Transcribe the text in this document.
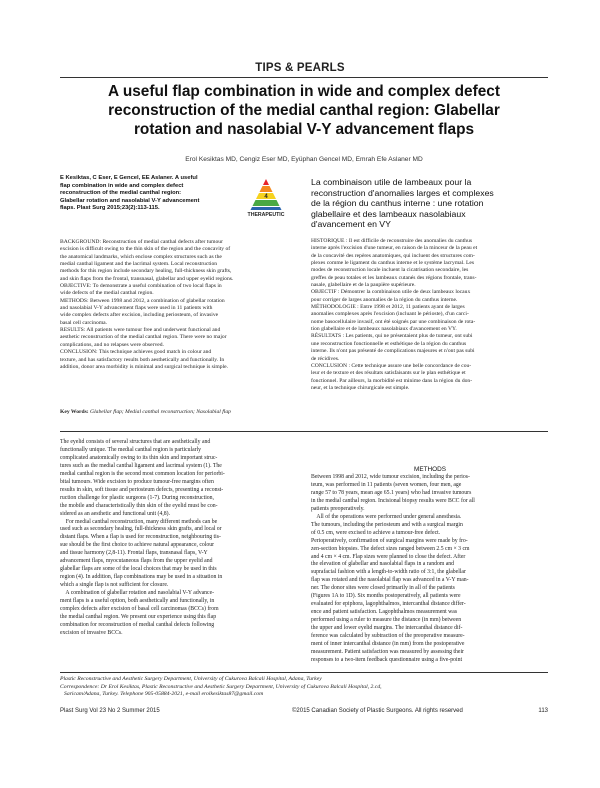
TIPS & PEARLS
A useful flap combination in wide and complex defect
reconstruction of the medial canthal region: Glabellar
rotation and nasolabial V-Y advancement flaps
Erol Kesiktas MD, Cengiz Eser MD, Eyüphan Gencel MD, Emrah Efe Aslaner MD
E Kesiktas, C Eser, E Gencel, EE Aslaner. A useful
flap combination in wide and complex defect
reconstruction of the medial canthal region:
Glabellar rotation and nasolabial V-Y advancement
flaps. Plast Surg 2015;23(2):113-115.
4
THERAPEUTIC
La combinaison utile de lambeaux pour la
reconstruction d'anomalies larges et complexes
de la région du canthus interne : une rotation
glabellaire et des lambeaux nasolabiaux
d'avancement en VY
BACKGROUND: Reconstruction of medial canthal defects after tumour
excision is difficult owing to the thin skin of the region and the concavity of
the anatomical landmarks, which enclose complex structures such as the
medial canthal ligament and the lacrimal system. Local reconstruction
methods for this region include secondary healing, full-thickness skin grafts,
and skin flaps from the frontal, transnasal, glabellar and upper eyelid regions.
OBJECTIVE: To demonstrate a useful combination of two local flaps in
wide defects of the medial canthal region.
METHODS: Between 1998 and 2012, a combination of glabellar rotation
and nasolabial V-Y advancement flaps were used in 11 patients with
wide complex defects after excision, including periosteum, of invasive
basal cell carcinoma.
RESULTS: All patients were tumour free and underwent functional and
aesthetic reconstruction of the medial canthal region. There were no major
complications, and no relapses were observed.
CONCLUSION: This technique achieves good match in colour and
texture, and has satisfactory results both aesthetically and functionally. In
addition, donor area morbidity is minimal and surgical technique is simple.
Key Words: Glabellar flap; Medial canthal reconstruction; Nasolabial flap
HISTORIQUE : Il est difficile de reconstruire des anomalies du canthus
interne après l'excision d'une tumeur, en raison de la minceur de la peau et
de la concavité des repères anatomiques, qui incluent des structures com-
plexes comme le ligament du canthus interne et le système lacrymal. Les
modes de reconstruction locale incluent la cicatrisation secondaire, les
greffes de peau totales et les lambeaux cutanés des régions frontale, trans-
nasale, glabellaire et de la paupière supérieure.
OBJECTIF : Démontrer la combinaison utile de deux lambeaux locaux
pour corriger de larges anomalies de la région du canthus interne.
MÉTHODOLOGIE : Entre 1998 et 2012, 11 patients ayant de larges
anomalies complexes après l'excision (incluant le périoste), d'un carci-
nome basocellulaire invasif, ont été soignés par une combinaison de rota-
tion glabellaire et de lambeaux nasolabiaux d'avancement en VY.
RÉSULTATS : Les patients, qui ne présentaient plus de tumeur, ont subi
une reconstruction fonctionnelle et esthétique de la région du canthus
interne. Ils n'ont pas présenté de complications majeures et n'ont pas subi
de récidives.
CONCLUSION : Cette technique assure une belle concordance de cou-
leur et de texture et des résultats satisfaisants sur le plan esthétique et
fonctionnel. Par ailleurs, la morbidité est minime dans la région du don-
neur, et la technique chirurgicale est simple.
The eyelid consists of several structures that are aesthetically and
functionally unique. The medial canthal region is particularly
complicated anatomically owing to its thin skin and important struc-
tures such as the medial canthal ligament and lacrimal system (1). The
medial canthal region is the second most common location for periorbi-
bital tumours. Wide excision to produce tumour-free margins often
results in skin, soft tissue and periosteum defects, presenting a reconst-
ruction challenge for plastic surgeons (1-7). During reconstruction,
the mobile and characteristically thin skin of the eyelid must be con-
sidered as an aesthetic and functional unit (4,8).
For medial canthal reconstruction, many different methods can be
used such as secondary healing, full-thickness skin grafts, and local or
distant flaps. When a flap is used for reconstruction, neighbouring tis-
sue should be the first choice to achieve natural appearance, colour
and tissue harmony (2,8-11). Frontal flaps, transnasal flaps, V-Y
advancement flaps, myocutaneous flaps from the upper eyelid and
glabellar flaps are some of the local choices that may be used in this
region (4). In addition, flap combinations may be used in a situation in
which a single flap is not sufficient for closure.
A combination of glabellar rotation and nasolabial V-Y advance-
ment flaps is a useful option, both aesthetically and functionally, in
complex defects after excision of basal cell carcinomas (BCCs) from
the medial canthal region. We present our experience using this flap
combination for reconstruction of medial canthal defects following
excision of invasive BCCs.
METHODS
Between 1998 and 2012, wide tumour excision, including the perios-
teum, was performed in 11 patients (seven women, four men, age
range 57 to 78 years, mean age 65.1 years) who had invasive tumours
in the medial canthal region. Incisional biopsy results were BCC for all
patients preoperatively.
All of the operations were performed under general anesthesia.
The tumours, including the periosteum and with a surgical margin
of 0.5 cm, were excised to achieve a tumour-free defect.
Perioperatively, confirmation of surgical margins were made by fro-
zen-section biopsies. The defect sizes ranged between 2.5 cm × 3 cm
and 4 cm × 4 cm. Flap sizes were planned to close the defect. After
the elevation of glabellar and nasolabial flaps in a random and
suprafacial fashion with a length-to-width ratio of 3:1, the glabellar
flap was rotated and the nasolabial flap was advanced in a V-Y man-
ner. The donor sites were closed primarily in all of the patients
(Figures 1A to 1D). Six months postoperatively, all patients were
evaluated for epiphora, lagophthalmos, intercanthal distance differ-
ence and patient satisfaction. Lagophthalmos measurement was
performed using a ruler to measure the distance (in mm) between
the upper and lower eyelid margins. The intercanthal distance dif-
ference was calculated by subtraction of the preoperative measure-
ment of inner intercanthal distance (in mm) from the postoperative
measurement. Patient satisfaction was measured by assessing their
responses to a two-item feedback questionnaire using a five-point
Plastic Reconstructive and Aesthetic Surgery Department, University of Cukurova Balcali Hospital, Adana, Turkey
Correspondence: Dr Erol Kesiktas, Plastic Reconstructive and Aesthetic Surgery Department, University of Cukurova Balcali Hospital, 2.cd,
Saricam/Adana, Turkey. Telephone 905-05884-2021, e-mail erolkesiktas87@gmail.com
Plast Surg Vol 23 No 2 Summer 2015	©2015 Canadian Society of Plastic Surgeons. All rights reserved	113
